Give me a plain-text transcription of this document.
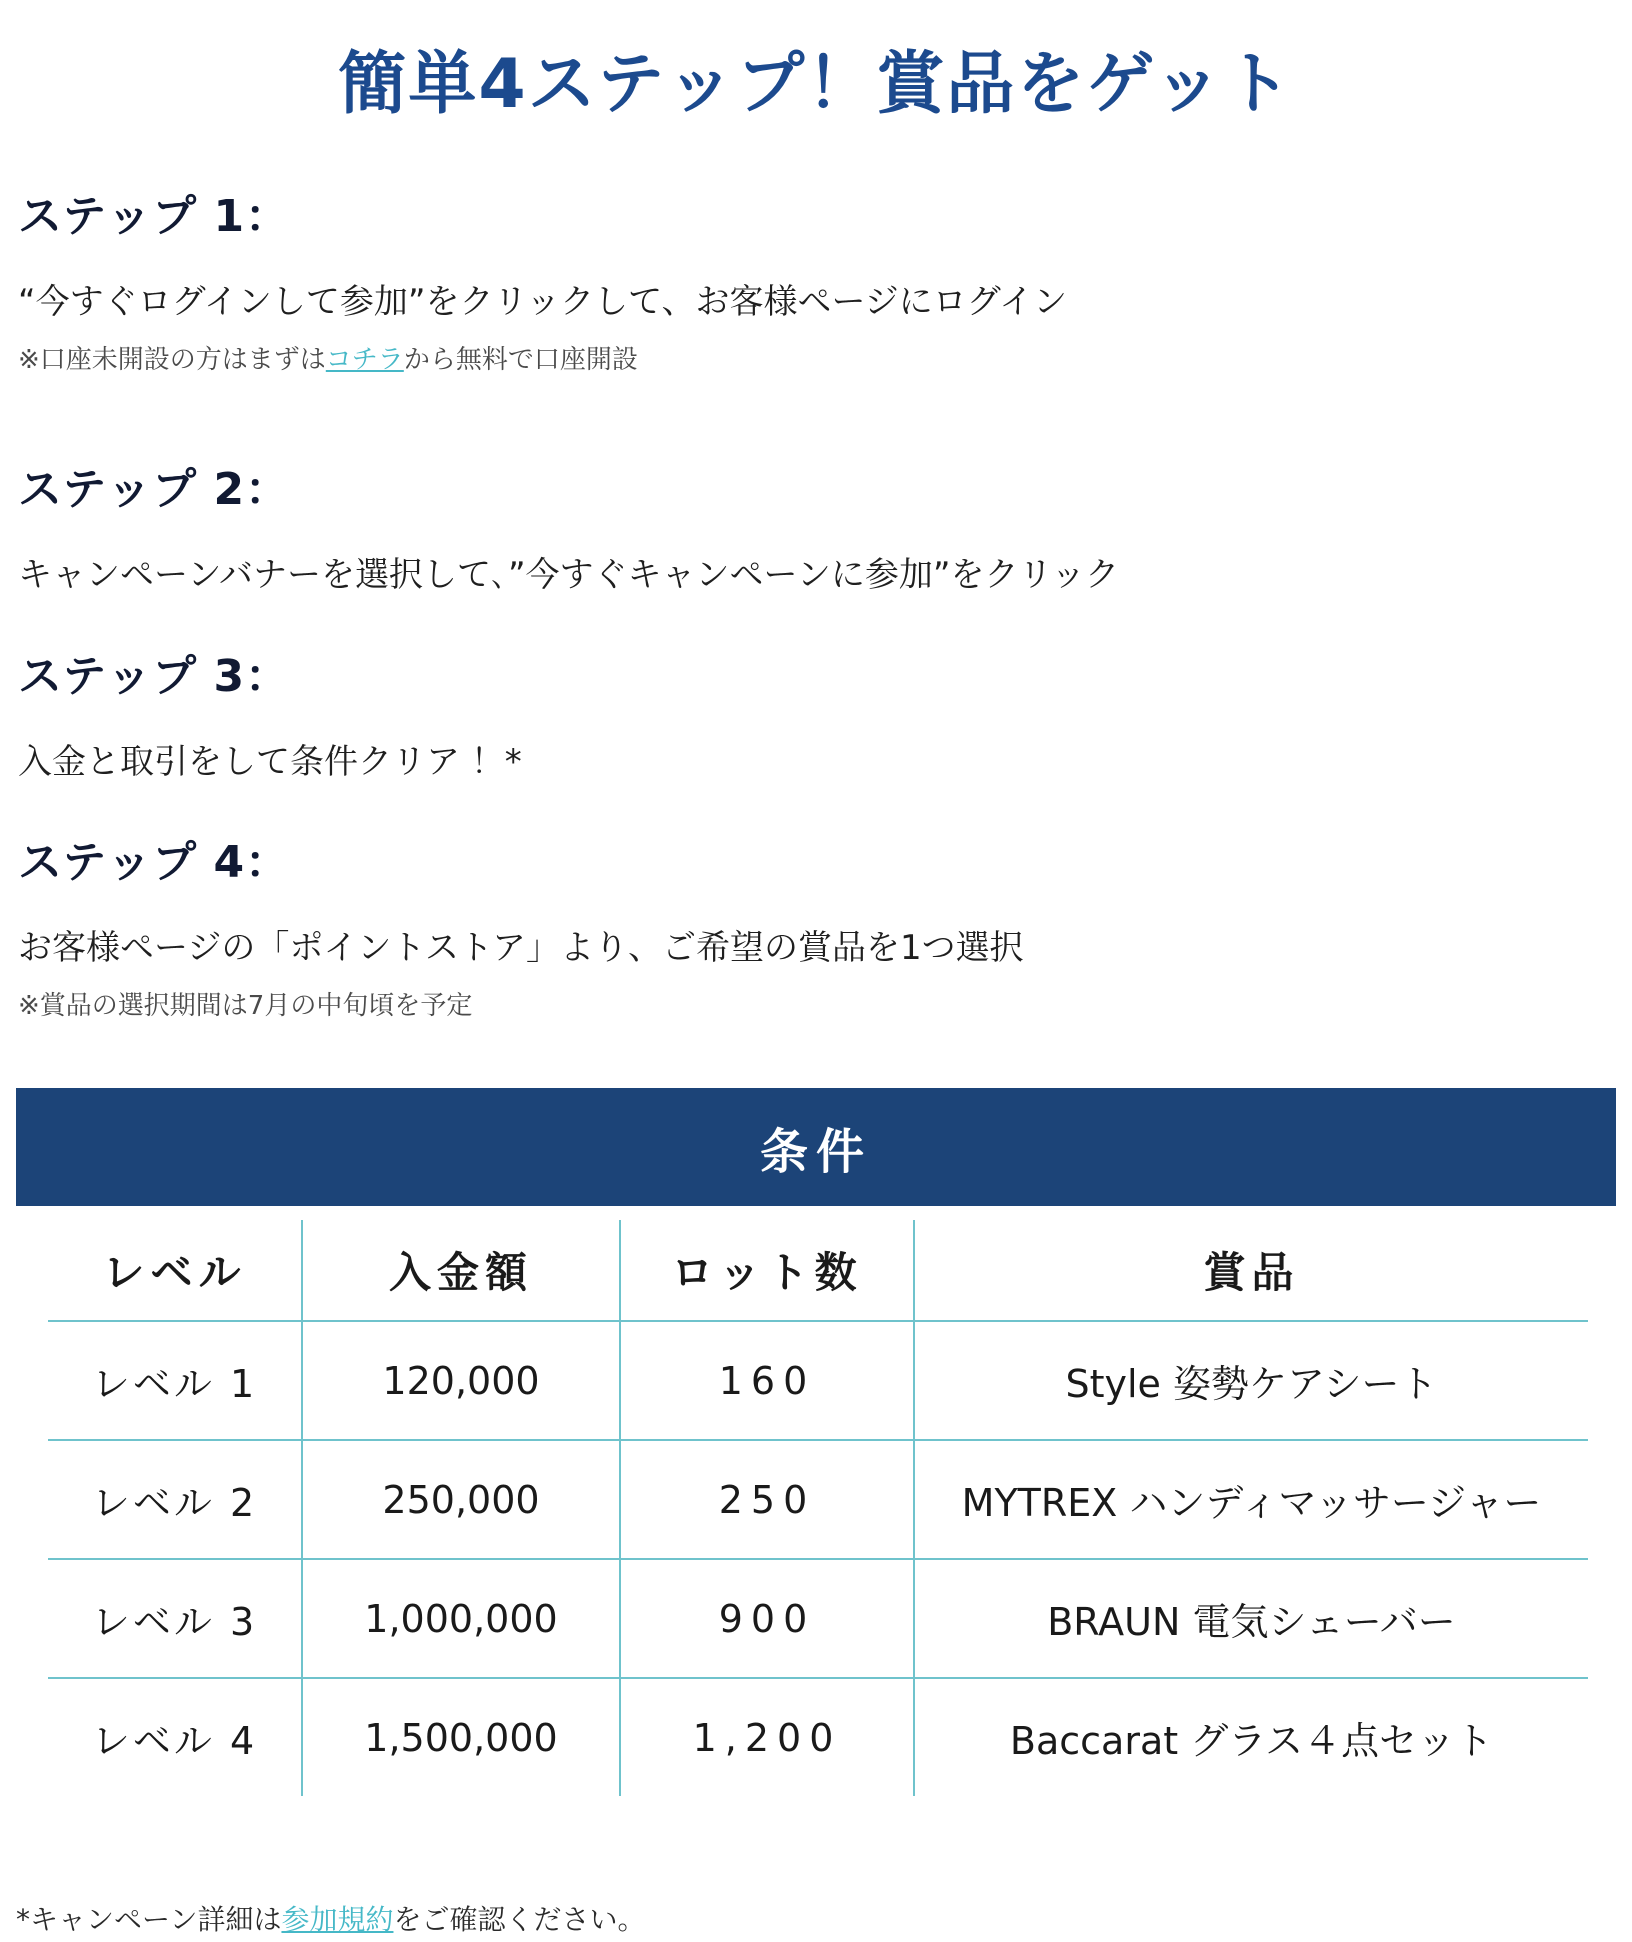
簡単4ステップ！賞品をゲット
ステップ 1：

“今すぐログインして参加”をクリックして、お客様ページにログイン

※口座未開設の方はまずはコチラから無料で口座開設

ステップ 2：

キャンペーンバナーを選択して､”今すぐキャンペーンに参加”をクリック

ステップ 3：

入金と取引をして条件クリア ！*

ステップ 4：

お客様ページの「ポイントストア」より、ご希望の賞品を1つ選択

※賞品の選択期間は7月の中旬頃を予定

条件
レベル	入金額	ロット数	賞品
レベル 1	120,000	160	Style 姿勢ケアシート
レベル 2	250,000	250	MYTREX ハンディマッサージャー
レベル 3	1,000,000	900	BRAUN 電気シェーバー
レベル 4	1,500,000	1,200	Baccarat グラス４点セット

*キャンペーン詳細は参加規約をご確認ください。
